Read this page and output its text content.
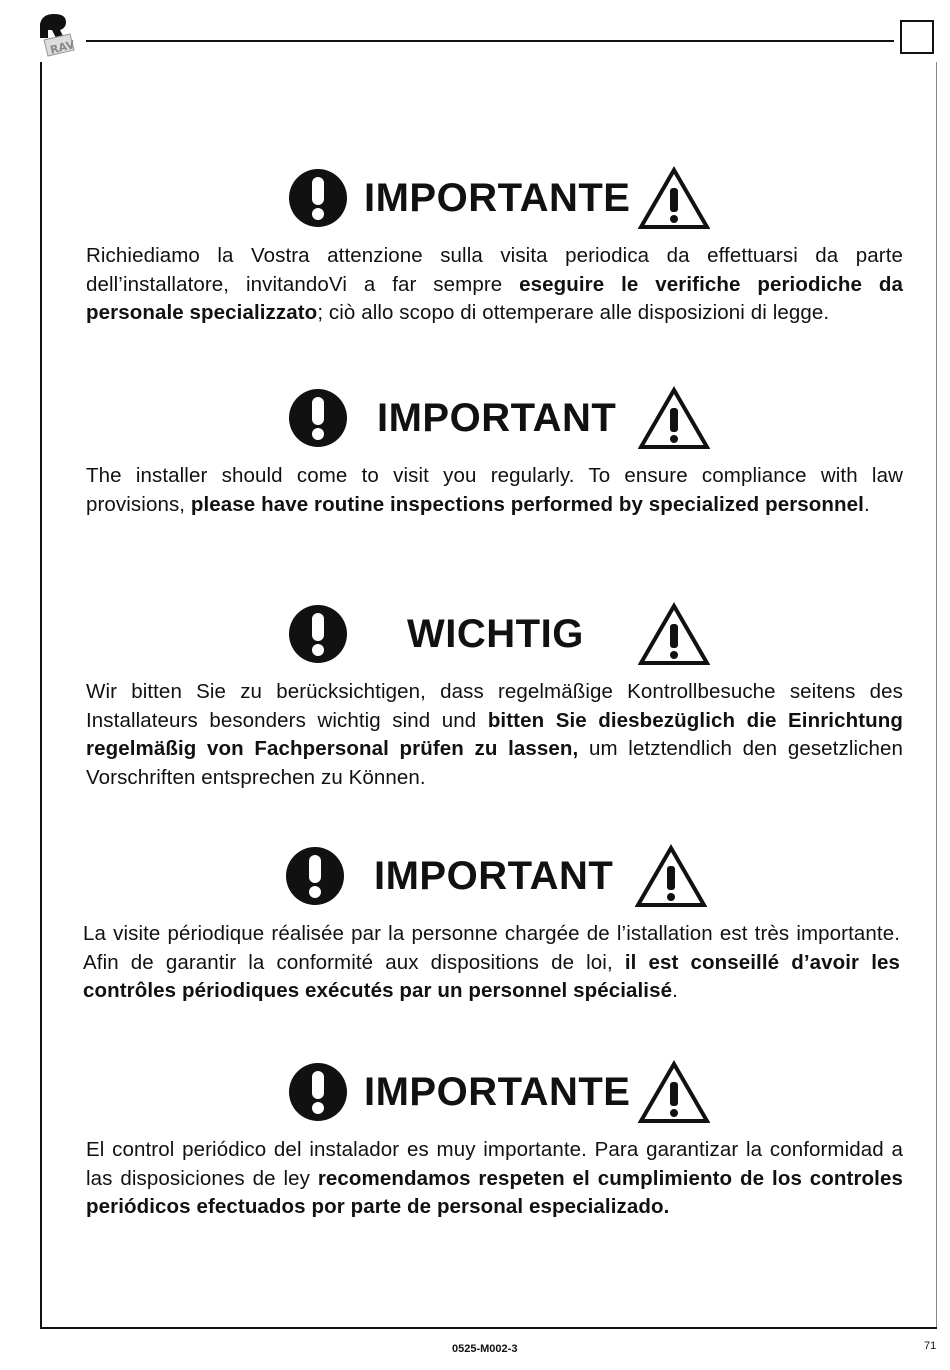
RAV
IMPORTANTE
Richiediamo la Vostra attenzione sulla visita periodica da effettuarsi da parte dell’installatore, invitandoVi a far sempre eseguire le verifiche periodiche da personale specializzato; ciò allo scopo di ottemperare alle disposizioni di legge.
IMPORTANT
The installer should come to visit you regularly. To ensure compliance with law provisions, please have routine inspections performed by specialized personnel.
WICHTIG
Wir bitten Sie zu berücksichtigen, dass regelmäßige Kontrollbesuche seitens des Installateurs besonders wichtig sind und bitten Sie diesbezüglich die Einrichtung regelmäßig von Fachpersonal prüfen zu lassen, um letztendlich den gesetzlichen Vorschriften entsprechen zu Können.
IMPORTANT
La visite périodique réalisée par la personne chargée de l’istallation est très importante. Afin de garantir la conformité aux dispositions de loi, il est conseillé d’avoir les contrôles périodiques exécutés par un personnel spécialisé.
IMPORTANTE
El control periódico del instalador es muy importante. Para garantizar la conformidad a las disposiciones de ley recomendamos respeten el cumplimiento de los controles periódicos efectuados por parte de personal especializado.
0525-M002-3	71
